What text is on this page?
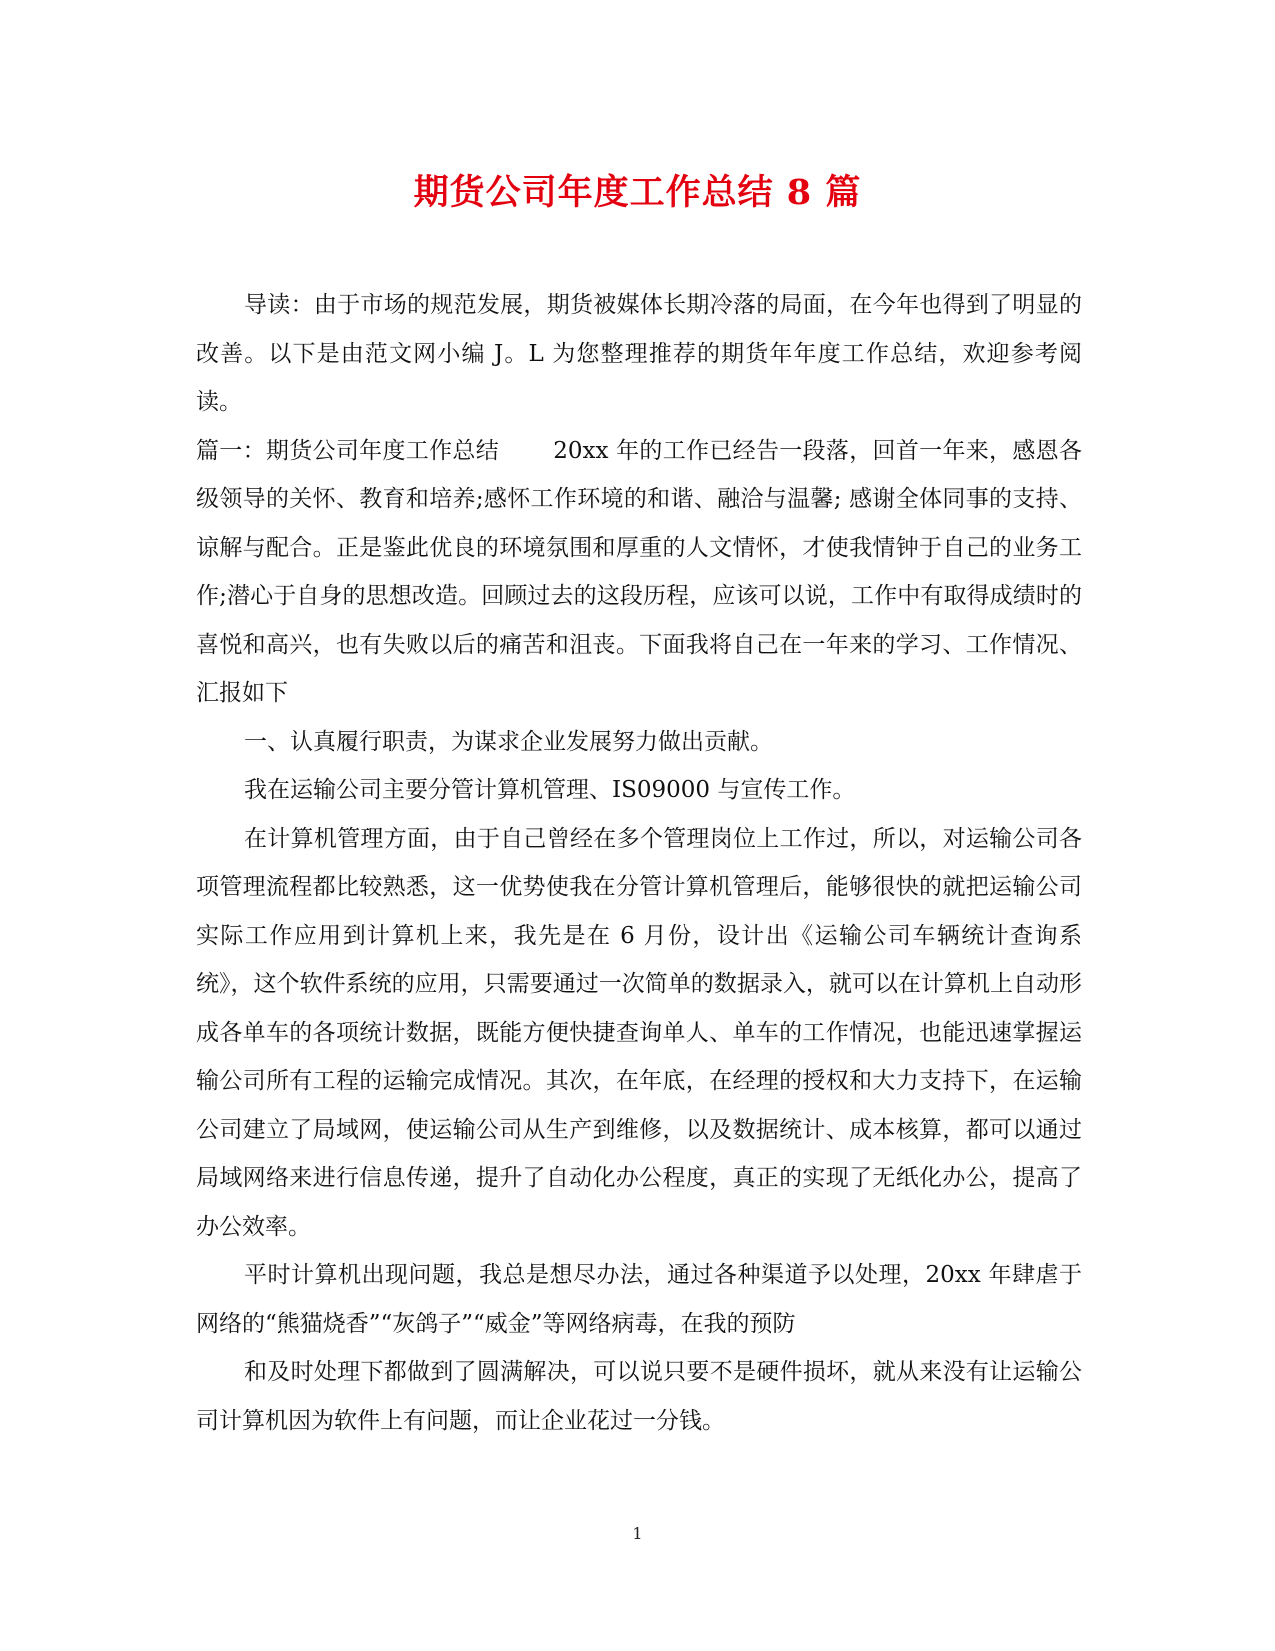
期货公司年度工作总结 8 篇

导读：由于市场的规范发展，期货被媒体长期冷落的局面，在今年也得到了明显的改善。以下是由范文网小编 J。L 为您整理推荐的期货年年度工作总结，欢迎参考阅读。

篇一：期货公司年度工作总结　　 20xx 年的工作已经告一段落，回首一年来，感恩各级领导的关怀、教育和培养;感怀工作环境的和谐、融洽与温馨; 感谢全体同事的支持、谅解与配合。正是鉴此优良的环境氛围和厚重的人文情怀，才使我情钟于自己的业务工作;潜心于自身的思想改造。回顾过去的这段历程，应该可以说，工作中有取得成绩时的喜悦和高兴，也有失败以后的痛苦和沮丧。下面我将自己在一年来的学习、工作情况、汇报如下

一、认真履行职责，为谋求企业发展努力做出贡献。

我在运输公司主要分管计算机管理、IS09000 与宣传工作。

在计算机管理方面，由于自己曾经在多个管理岗位上工作过，所以，对运输公司各项管理流程都比较熟悉，这一优势使我在分管计算机管理后，能够很快的就把运输公司实际工作应用到计算机上来，我先是在 6 月份，设计出《运输公司车辆统计查询系统》，这个软件系统的应用，只需要通过一次简单的数据录入，就可以在计算机上自动形成各单车的各项统计数据，既能方便快捷查询单人、单车的工作情况，也能迅速掌握运输公司所有工程的运输完成情况。其次，在年底，在经理的授权和大力支持下，在运输公司建立了局域网，使运输公司从生产到维修，以及数据统计、成本核算，都可以通过局域网络来进行信息传递，提升了自动化办公程度，真正的实现了无纸化办公，提高了办公效率。

平时计算机出现问题，我总是想尽办法，通过各种渠道予以处理，20xx 年肆虐于网络的“熊猫烧香”“灰鸽子”“威金”等网络病毒，在我的预防

和及时处理下都做到了圆满解决，可以说只要不是硬件损坏，就从来没有让运输公司计算机因为软件上有问题，而让企业花过一分钱。

1
